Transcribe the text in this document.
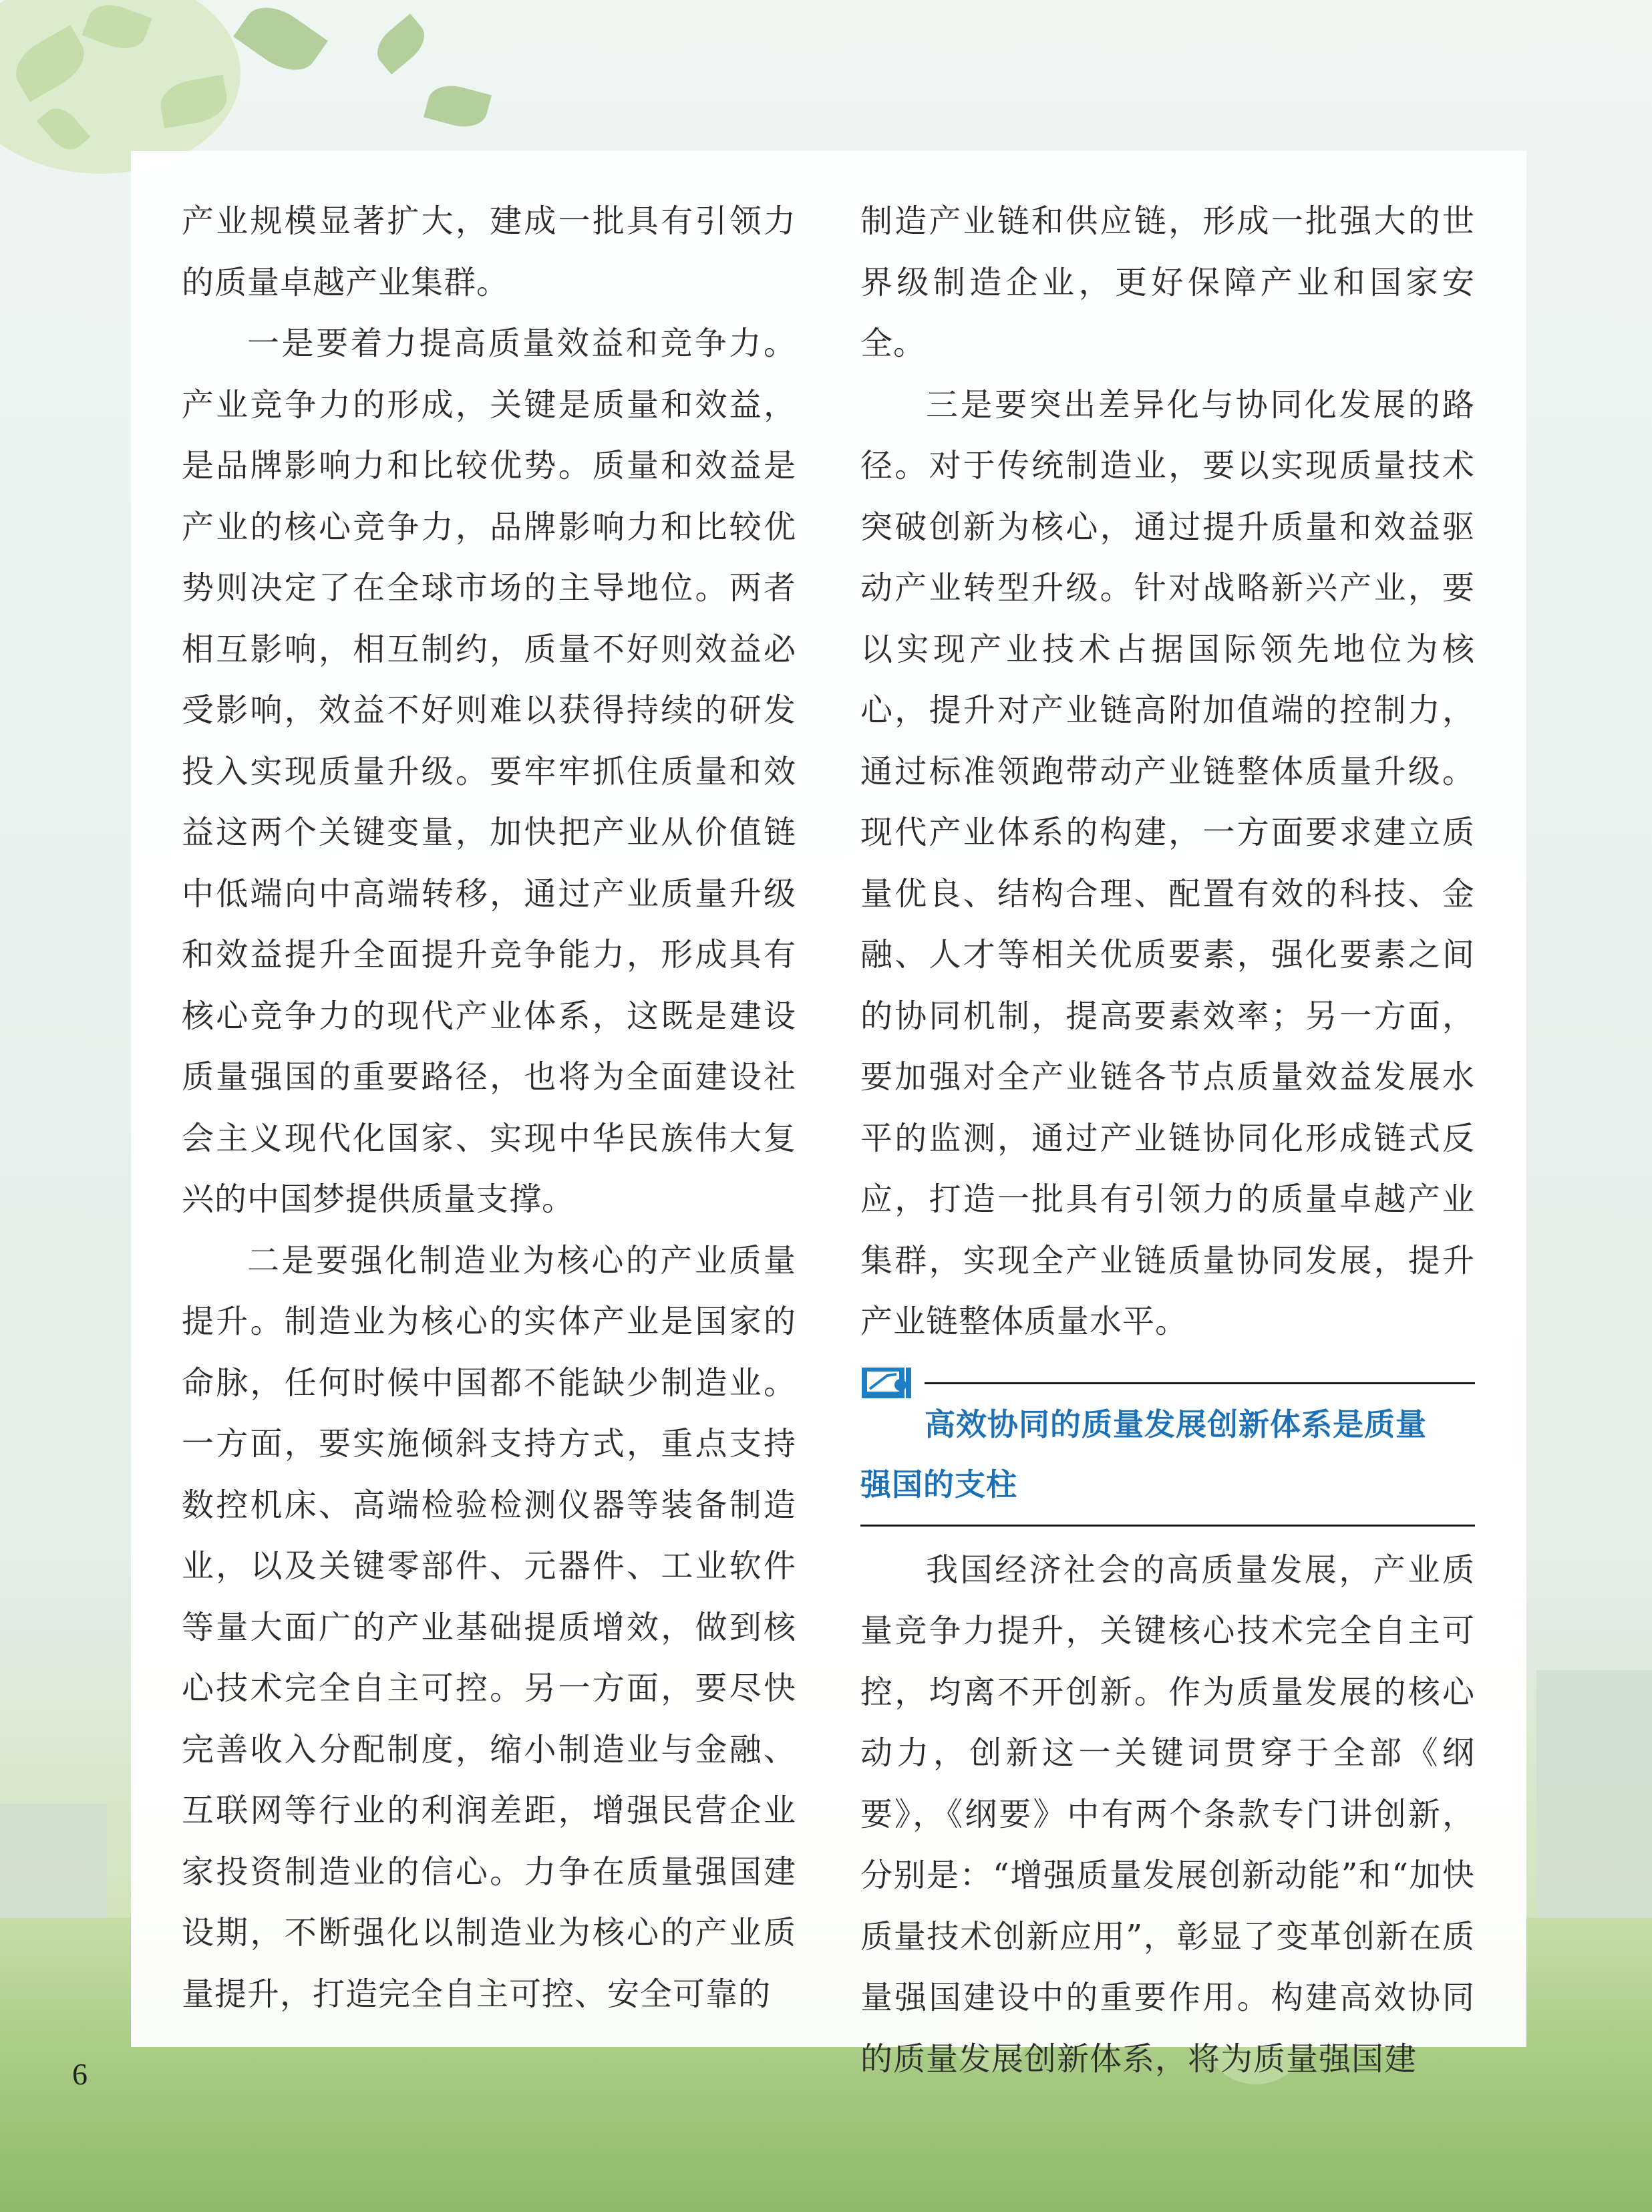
产业规模显著扩大，建成一批具有引领力的质量卓越产业集群。

一是要着力提高质量效益和竞争力。产业竞争力的形成，关键是质量和效益，是品牌影响力和比较优势。质量和效益是产业的核心竞争力，品牌影响力和比较优势则决定了在全球市场的主导地位。两者相互影响，相互制约，质量不好则效益必受影响，效益不好则难以获得持续的研发投入实现质量升级。要牢牢抓住质量和效益这两个关键变量，加快把产业从价值链中低端向中高端转移，通过产业质量升级和效益提升全面提升竞争能力，形成具有核心竞争力的现代产业体系，这既是建设质量强国的重要路径，也将为全面建设社会主义现代化国家、实现中华民族伟大复兴的中国梦提供质量支撑。

二是要强化制造业为核心的产业质量提升。制造业为核心的实体产业是国家的命脉，任何时候中国都不能缺少制造业。一方面，要实施倾斜支持方式，重点支持数控机床、高端检验检测仪器等装备制造业，以及关键零部件、元器件、工业软件等量大面广的产业基础提质增效，做到核心技术完全自主可控。另一方面，要尽快完善收入分配制度，缩小制造业与金融、互联网等行业的利润差距，增强民营企业家投资制造业的信心。力争在质量强国建设期，不断强化以制造业为核心的产业质量提升，打造完全自主可控、安全可靠的

制造产业链和供应链，形成一批强大的世界级制造企业，更好保障产业和国家安全。

三是要突出差异化与协同化发展的路径。对于传统制造业，要以实现质量技术突破创新为核心，通过提升质量和效益驱动产业转型升级。针对战略新兴产业，要以实现产业技术占据国际领先地位为核心，提升对产业链高附加值端的控制力，通过标准领跑带动产业链整体质量升级。现代产业体系的构建，一方面要求建立质量优良、结构合理、配置有效的科技、金融、人才等相关优质要素，强化要素之间的协同机制，提高要素效率；另一方面，要加强对全产业链各节点质量效益发展水平的监测，通过产业链协同化形成链式反应，打造一批具有引领力的质量卓越产业集群，实现全产业链质量协同发展，提升产业链整体质量水平。

高效协同的质量发展创新体系是质量
强国的支柱

我国经济社会的高质量发展，产业质量竞争力提升，关键核心技术完全自主可控，均离不开创新。作为质量发展的核心动力，创新这一关键词贯穿于全部《纲要》，《纲要》中有两个条款专门讲创新，分别是：“增强质量发展创新动能”和“加快质量技术创新应用”，彰显了变革创新在质量强国建设中的重要作用。构建高效协同的质量发展创新体系，将为质量强国建

6
